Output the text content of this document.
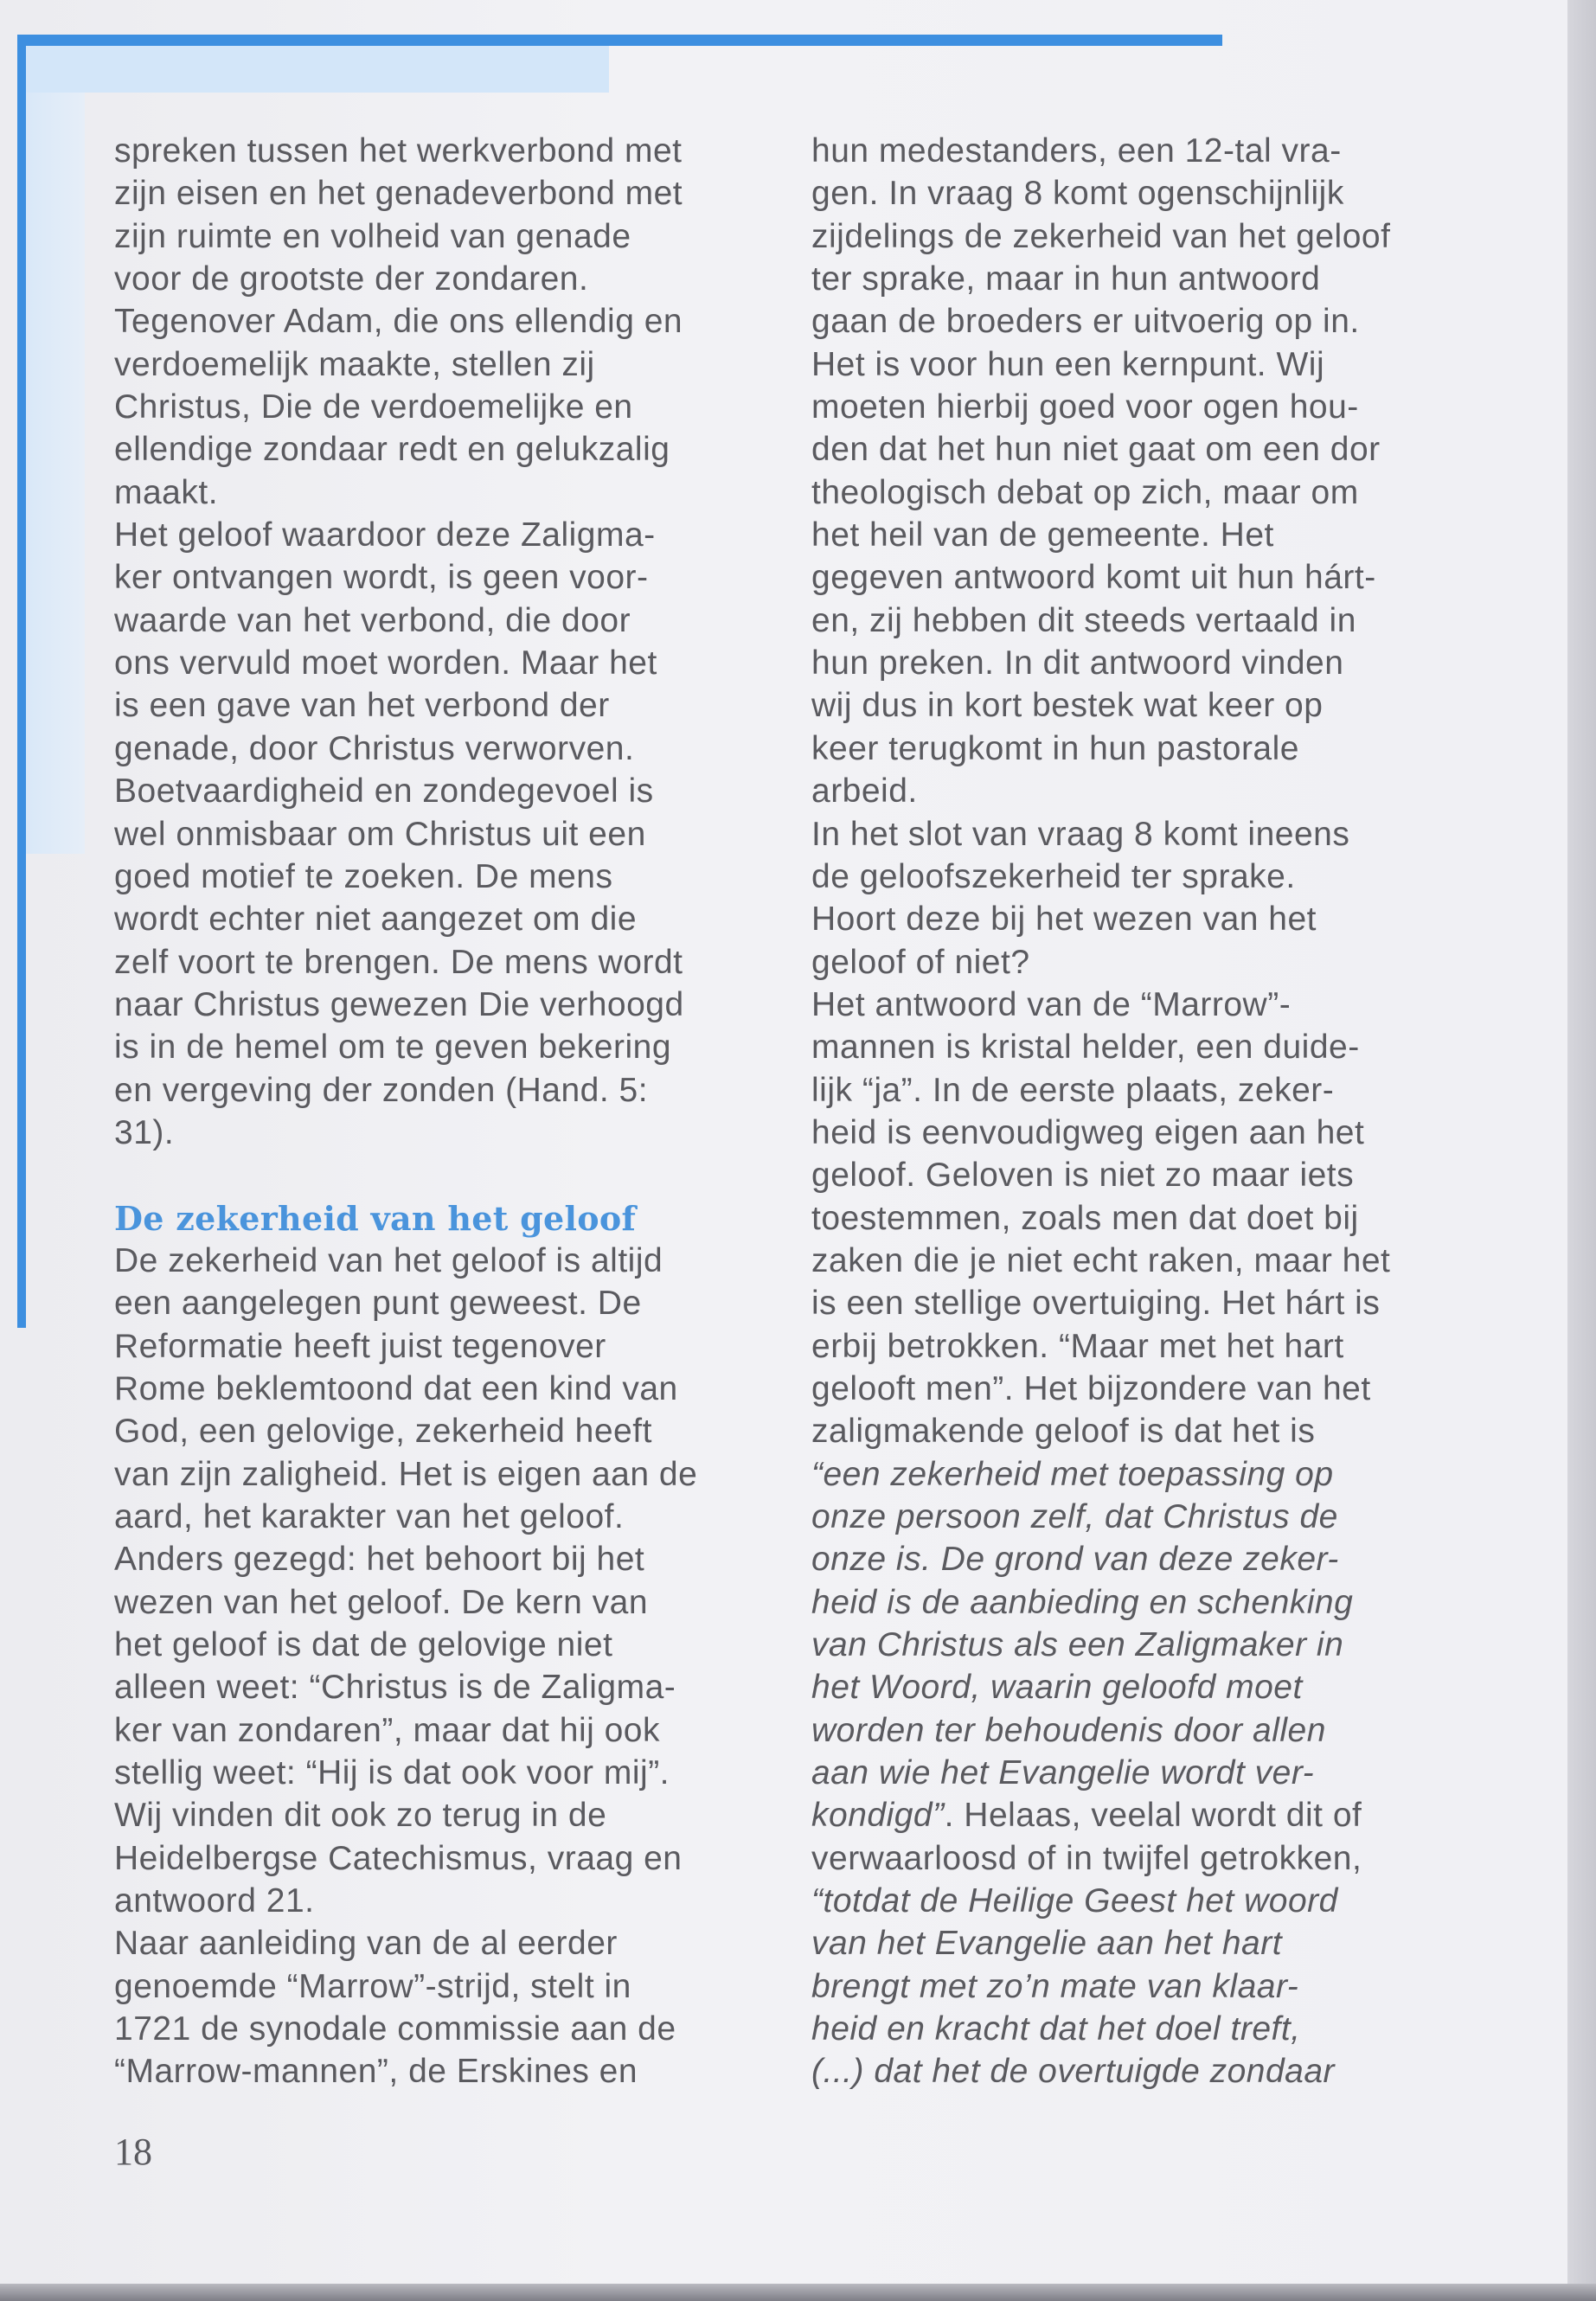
spreken tussen het werkverbond met
zijn eisen en het genadeverbond met
zijn ruimte en volheid van genade
voor de grootste der zondaren.
Tegenover Adam, die ons ellendig en
verdoemelijk maakte, stellen zij
Christus, Die de verdoemelijke en
ellendige zondaar redt en gelukzalig
maakt.
Het geloof waardoor deze Zaligma-
ker ontvangen wordt, is geen voor-
waarde van het verbond, die door
ons vervuld moet worden. Maar het
is een gave van het verbond der
genade, door Christus verworven.
Boetvaardigheid en zondegevoel is
wel onmisbaar om Christus uit een
goed motief te zoeken. De mens
wordt echter niet aangezet om die
zelf voort te brengen. De mens wordt
naar Christus gewezen Die verhoogd
is in de hemel om te geven bekering
en vergeving der zonden (Hand. 5:
31).
De zekerheid van het geloof
De zekerheid van het geloof is altijd
een aangelegen punt geweest. De
Reformatie heeft juist tegenover
Rome beklemtoond dat een kind van
God, een gelovige, zekerheid heeft
van zijn zaligheid. Het is eigen aan de
aard, het karakter van het geloof.
Anders gezegd: het behoort bij het
wezen van het geloof. De kern van
het geloof is dat de gelovige niet
alleen weet: “Christus is de Zaligma-
ker van zondaren”, maar dat hij ook
stellig weet: “Hij is dat ook voor mij”.
Wij vinden dit ook zo terug in de
Heidelbergse Catechismus, vraag en
antwoord 21.
Naar aanleiding van de al eerder
genoemde “Marrow”-strijd, stelt in
1721 de synodale commissie aan de
“Marrow-mannen”, de Erskines en
hun medestanders, een 12-tal vra-
gen. In vraag 8 komt ogenschijnlijk
zijdelings de zekerheid van het geloof
ter sprake, maar in hun antwoord
gaan de broeders er uitvoerig op in.
Het is voor hun een kernpunt. Wij
moeten hierbij goed voor ogen hou-
den dat het hun niet gaat om een dor
theologisch debat op zich, maar om
het heil van de gemeente. Het
gegeven antwoord komt uit hun hárt-
en, zij hebben dit steeds vertaald in
hun preken. In dit antwoord vinden
wij dus in kort bestek wat keer op
keer terugkomt in hun pastorale
arbeid.
In het slot van vraag 8 komt ineens
de geloofszekerheid ter sprake.
Hoort deze bij het wezen van het
geloof of niet?
Het antwoord van de “Marrow”-
mannen is kristal helder, een duide-
lijk “ja”. In de eerste plaats, zeker-
heid is eenvoudigweg eigen aan het
geloof. Geloven is niet zo maar iets
toestemmen, zoals men dat doet bij
zaken die je niet echt raken, maar het
is een stellige overtuiging. Het hárt is
erbij betrokken. “Maar met het hart
gelooft men”. Het bijzondere van het
zaligmakende geloof is dat het is
“een zekerheid met toepassing op
onze persoon zelf, dat Christus de
onze is. De grond van deze zeker-
heid is de aanbieding en schenking
van Christus als een Zaligmaker in
het Woord, waarin geloofd moet
worden ter behoudenis door allen
aan wie het Evangelie wordt ver-
kondigd”. Helaas, veelal wordt dit of
verwaarloosd of in twijfel getrokken,
“totdat de Heilige Geest het woord
van het Evangelie aan het hart
brengt met zo’n mate van klaar-
heid en kracht dat het doel treft,
(...) dat het de overtuigde zondaar
18
